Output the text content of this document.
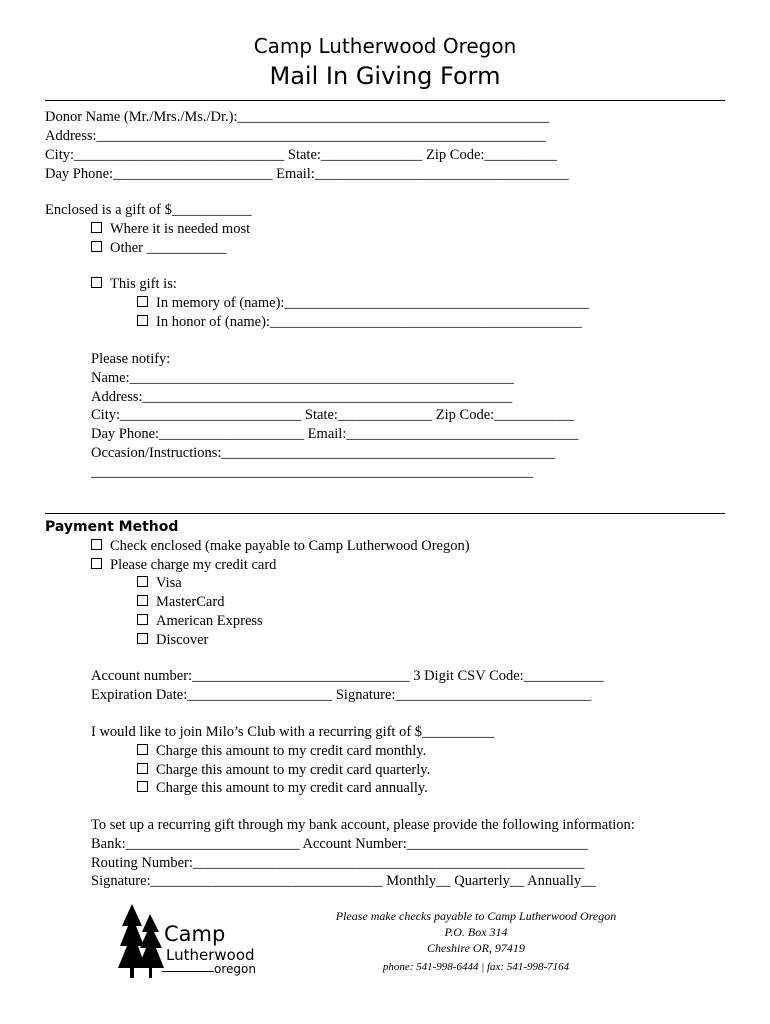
Camp Lutherwood Oregon
Mail In Giving Form
Donor Name (Mr./Mrs./Ms./Dr.):___________________________________________
Address:______________________________________________________________
City:_____________________________ State:______________ Zip Code:__________
Day Phone:______________________ Email:___________________________________
Enclosed is a gift of $___________
Where it is needed most
Other ___________
This gift is:
In memory of (name):__________________________________________
In honor of (name):___________________________________________
Please notify:
Name:_____________________________________________________
Address:___________________________________________________
City:_________________________ State:_____________ Zip Code:___________
Day Phone:____________________ Email:________________________________
Occasion/Instructions:______________________________________________
_____________________________________________________________
Payment Method
Check enclosed (make payable to Camp Lutherwood Oregon)
Please charge my credit card
Visa
MasterCard
American Express
Discover
Account number:______________________________ 3 Digit CSV Code:___________
Expiration Date:____________________ Signature:___________________________
I would like to join Milo’s Club with a recurring gift of $__________
Charge this amount to my credit card monthly.
Charge this amount to my credit card quarterly.
Charge this amount to my credit card annually.
To set up a recurring gift through my bank account, please provide the following information:
Bank:________________________ Account Number:_________________________
Routing Number:______________________________________________________
Signature:________________________________ Monthly__ Quarterly__ Annually__
Camp
Lutherwood
oregon
Please make checks payable to Camp Lutherwood Oregon
P.O. Box 314
Cheshire OR, 97419
phone: 541-998-6444 | fax: 541-998-7164
